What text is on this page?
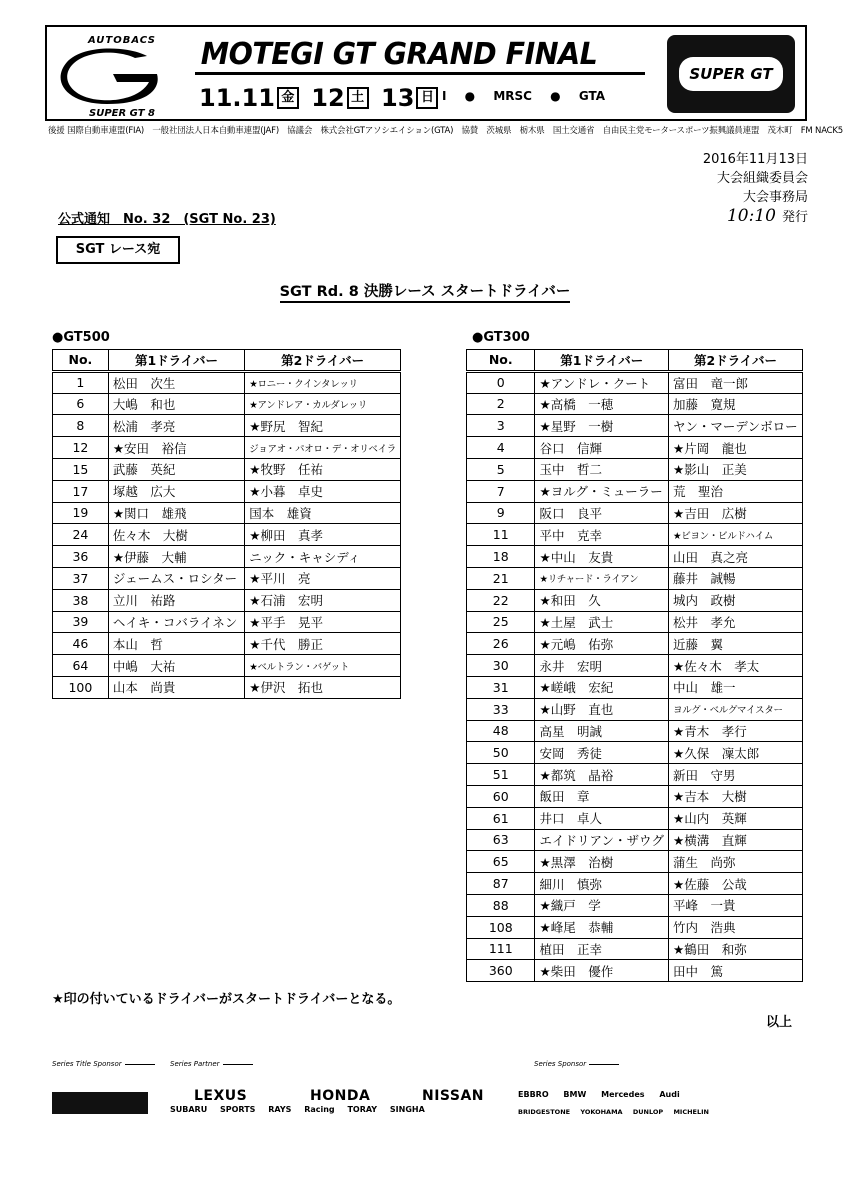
AUTOBACS
SUPER GT 8
MOTEGI GT GRAND FINAL
11.11 金 12 土 13 日 I ● MRSC ● GTA
SUPER GT
後援 国際自動車連盟(FIA)　一般社団法人日本自動車連盟(JAF)　協議会　株式会社GTアソシエイション(GTA)　協賛　茨城県　栃木県　国土交通省　自由民主党モータースポーツ振興議員連盟　茂木町　FM NACK5
2016年11月13日
大会組織委員会
大会事務局
10:10 発行
公式通知　No. 32　(SGT No. 23)
SGT レース宛
SGT Rd. 8 決勝レース スタートドライバー
●GT500
No.	第1ドライバー	第2ドライバー
1	松田　次生	★ロニー・クインタレッリ
6	大嶋　和也	★アンドレア・カルダレッリ
8	松浦　孝亮	★野尻　智紀
12	★安田　裕信	ジョアオ・パオロ・デ・オリベイラ
15	武藤　英紀	★牧野　任祐
17	塚越　広大	★小暮　卓史
19	★関口　雄飛	国本　雄資
24	佐々木　大樹	★柳田　真孝
36	★伊藤　大輔	ニック・キャシディ
37	ジェームス・ロシター	★平川　亮
38	立川　祐路	★石浦　宏明
39	ヘイキ・コバライネン	★平手　晃平
46	本山　哲	★千代　勝正
64	中嶋　大祐	★ベルトラン・バゲット
100	山本　尚貴	★伊沢　拓也
●GT300
No.	第1ドライバー	第2ドライバー
0	★アンドレ・クート	富田　竜一郎
2	★高橋　一穂	加藤　寛規
3	★星野　一樹	ヤン・マーデンボロー
4	谷口　信輝	★片岡　龍也
5	玉中　哲二	★影山　正美
7	★ヨルグ・ミューラー	荒　聖治
9	阪口　良平	★吉田　広樹
11	平中　克幸	★ビヨン・ビルドハイム
18	★中山　友貴	山田　真之亮
21	★リチャード・ライアン	藤井　誠暢
22	★和田　久	城内　政樹
25	★土屋　武士	松井　孝允
26	★元嶋　佑弥	近藤　翼
30	永井　宏明	★佐々木　孝太
31	★嵯峨　宏紀	中山　雄一
33	★山野　直也	ヨルグ・ベルグマイスター
48	高星　明誠	★青木　孝行
50	安岡　秀徒	★久保　凜太郎
51	★都筑　晶裕	新田　守男
60	飯田　章	★吉本　大樹
61	井口　卓人	★山内　英輝
63	エイドリアン・ザウグ	★横溝　直輝
65	★黒澤　治樹	蒲生　尚弥
87	細川　慎弥	★佐藤　公哉
88	★織戸　学	平峰　一貴
108	★峰尾　恭輔	竹内　浩典
111	植田　正幸	★鶴田　和弥
360	★柴田　優作	田中　篤
★印の付いているドライバーがスタートドライバーとなる。
以上
Series Title Sponsor	Series Partner	Series Sponsor
LEXUS	HONDA	NISSAN
SUBARU SPORTS RAYS Racing TORAY SINGHA
EBBRO BMW Mercedes Audi
BRIDGESTONE YOKOHAMA DUNLOP MICHELIN
